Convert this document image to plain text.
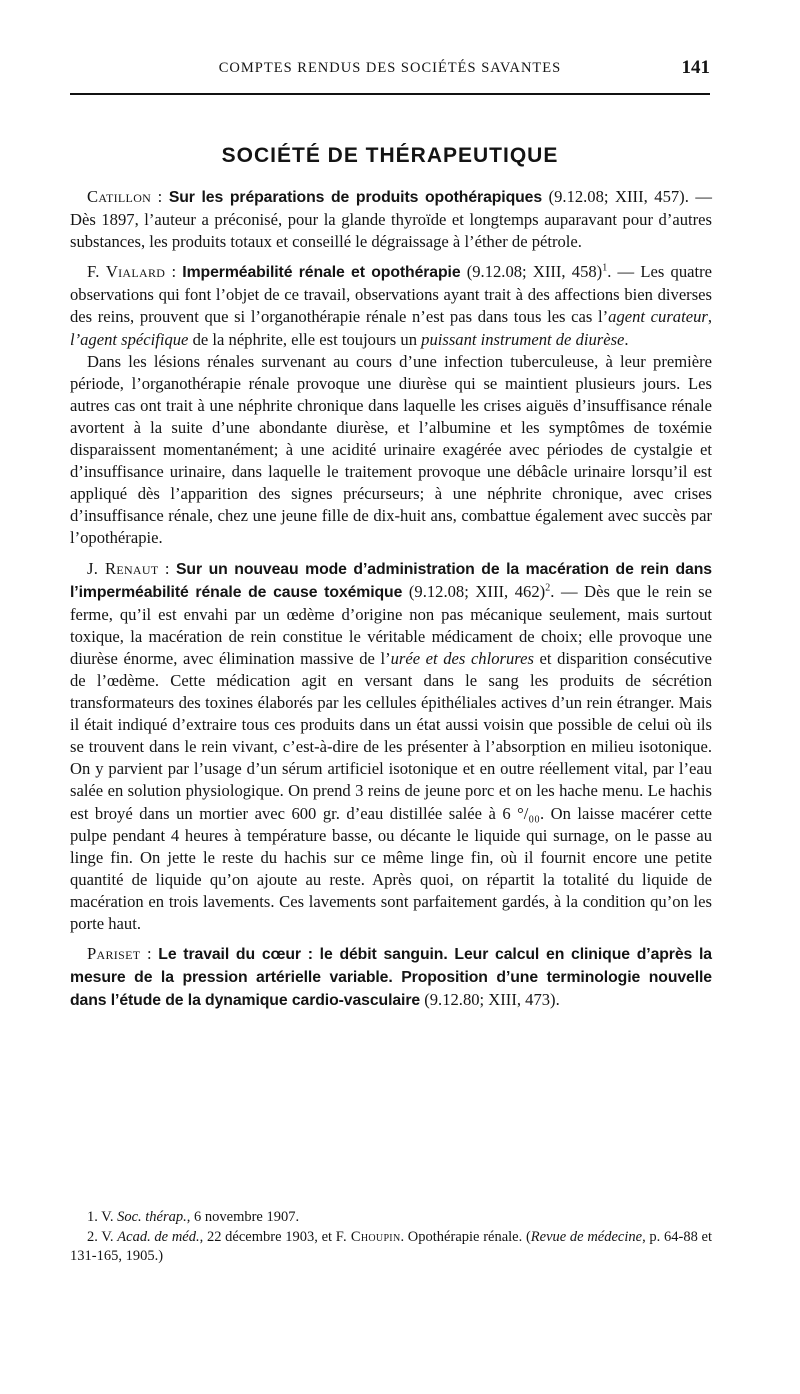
COMPTES RENDUS DES SOCIÉTÉS SAVANTES	141
SOCIÉTÉ DE THÉRAPEUTIQUE

Catillon : Sur les préparations de produits opothérapiques (9.12.08; XIII, 457). — Dès 1897, l’auteur a préconisé, pour la glande thyroïde et longtemps auparavant pour d’autres substances, les produits totaux et conseillé le dégraissage à l’éther de pétrole.

F. Vialard : Imperméabilité rénale et opothérapie (9.12.08; XIII, 458)$^1$. — Les quatre observations qui font l’objet de ce travail, observations ayant trait à des affections bien diverses des reins, prouvent que si l’organothérapie rénale n’est pas dans tous les cas l’agent curateur, l’agent spécifique de la néphrite, elle est toujours un puissant instrument de diurèse.

Dans les lésions rénales survenant au cours d’une infection tuberculeuse, à leur première période, l’organothérapie rénale provoque une diurèse qui se maintient plusieurs jours. Les autres cas ont trait à une néphrite chronique dans laquelle les crises aiguës d’insuffisance rénale avortent à la suite d’une abondante diurèse, et l’albumine et les symptômes de toxémie disparaissent momentanément; à une acidité urinaire exagérée avec périodes de cystalgie et d’insuffisance urinaire, dans laquelle le traitement provoque une débâcle urinaire lorsqu’il est appliqué dès l’apparition des signes précurseurs; à une néphrite chronique, avec crises d’insuffisance rénale, chez une jeune fille de dix-huit ans, combattue également avec succès par l’opothérapie.

J. Renaut : Sur un nouveau mode d’administration de la macération de rein dans l’imperméabilité rénale de cause toxémique (9.12.08; XIII, 462)$^2$. — Dès que le rein se ferme, qu’il est envahi par un œdème d’origine non pas mécanique seulement, mais surtout toxique, la macération de rein constitue le véritable médicament de choix; elle provoque une diurèse énorme, avec élimination massive de l’urée et des chlorures et disparition consécutive de l’œdème. Cette médication agit en versant dans le sang les produits de sécrétion transformateurs des toxines élaborés par les cellules épithéliales actives d’un rein étranger. Mais il était indiqué d’extraire tous ces produits dans un état aussi voisin que possible de celui où ils se trouvent dans le rein vivant, c’est-à-dire de les présenter à l’absorption en milieu isotonique. On y parvient par l’usage d’un sérum artificiel isotonique et en outre réellement vital, par l’eau salée en solution physiologique. On prend 3 reins de jeune porc et on les hache menu. Le hachis est broyé dans un mortier avec 600 gr. d’eau distillée salée à 6 °/₀₀. On laisse macérer cette pulpe pendant 4 heures à température basse, ou décante le liquide qui surnage, on le passe au linge fin. On jette le reste du hachis sur ce même linge fin, où il fournit encore une petite quantité de liquide qu’on ajoute au reste. Après quoi, on répartit la totalité du liquide de macération en trois lavements. Ces lavements sont parfaitement gardés, à la condition qu’on les porte haut.

Pariset : Le travail du cœur : le débit sanguin. Leur calcul en clinique d’après la mesure de la pression artérielle variable. Proposition d’une terminologie nouvelle dans l’étude de la dynamique cardio-vasculaire (9.12.80; XIII, 473).

1. V. Soc. thérap., 6 novembre 1907.

2. V. Acad. de méd., 22 décembre 1903, et F. Choupin. Opothérapie rénale. (Revue de médecine, p. 64-88 et 131-165, 1905.)
